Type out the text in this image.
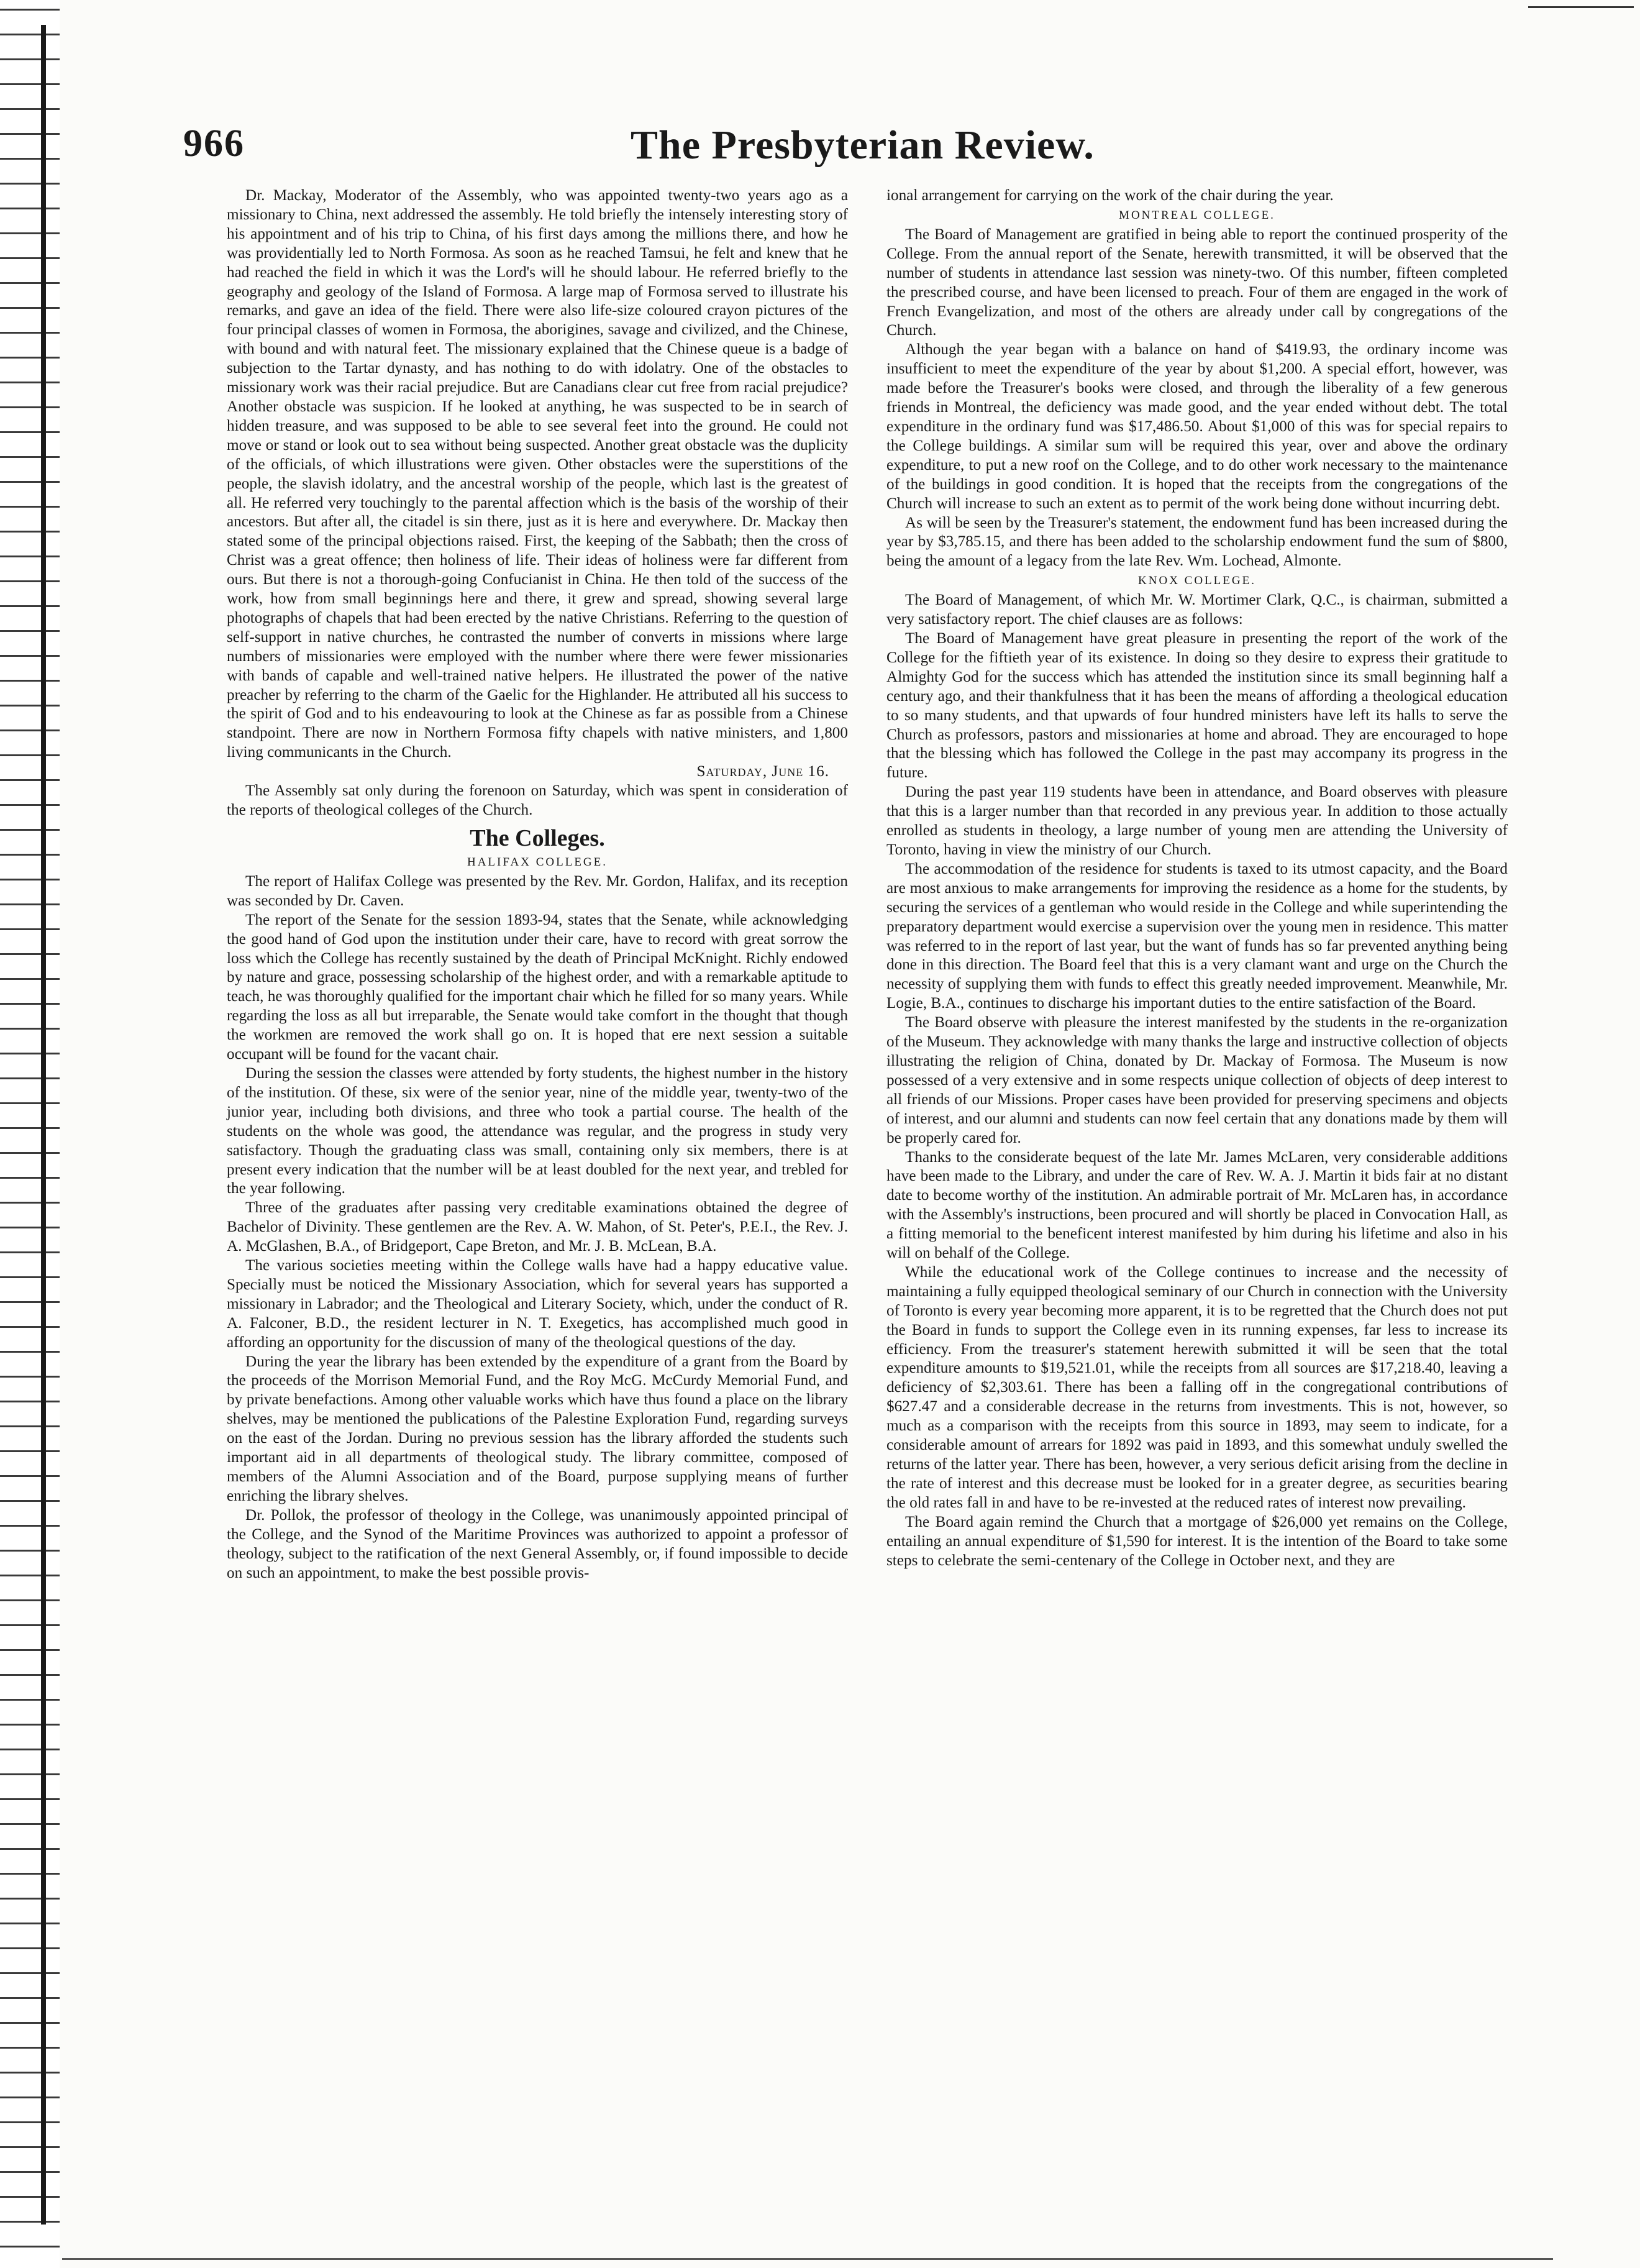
966	The Presbyterian Review.

Dr. Mackay, Moderator of the Assembly, who was appointed twenty-two years ago as a missionary to China, next addressed the assembly. He told briefly the intensely interesting story of his appointment and of his trip to China, of his first days among the millions there, and how he was providentially led to North Formosa. As soon as he reached Tamsui, he felt and knew that he had reached the field in which it was the Lord's will he should labour. He referred briefly to the geography and geology of the Island of Formosa. A large map of Formosa served to illustrate his remarks, and gave an idea of the field. There were also life-size coloured crayon pictures of the four principal classes of women in Formosa, the aborigines, savage and civilized, and the Chinese, with bound and with natural feet. The missionary explained that the Chinese queue is a badge of subjection to the Tartar dynasty, and has nothing to do with idolatry. One of the obstacles to missionary work was their racial prejudice. But are Canadians clear cut free from racial prejudice? Another obstacle was suspicion. If he looked at anything, he was suspected to be in search of hidden treasure, and was supposed to be able to see several feet into the ground. He could not move or stand or look out to sea without being suspected. Another great obstacle was the duplicity of the officials, of which illustrations were given. Other obstacles were the superstitions of the people, the slavish idolatry, and the ancestral worship of the people, which last is the greatest of all. He referred very touchingly to the parental affection which is the basis of the worship of their ancestors. But after all, the citadel is sin there, just as it is here and everywhere. Dr. Mackay then stated some of the principal objections raised. First, the keeping of the Sabbath; then the cross of Christ was a great offence; then holiness of life. Their ideas of holiness were far different from ours. But there is not a thorough-going Confucianist in China. He then told of the success of the work, how from small beginnings here and there, it grew and spread, showing several large photographs of chapels that had been erected by the native Christians. Referring to the question of self-support in native churches, he contrasted the number of converts in missions where large numbers of missionaries were employed with the number where there were fewer missionaries with bands of capable and well-trained native helpers. He illustrated the power of the native preacher by referring to the charm of the Gaelic for the Highlander. He attributed all his success to the spirit of God and to his endeavouring to look at the Chinese as far as possible from a Chinese standpoint. There are now in Northern Formosa fifty chapels with native ministers, and 1,800 living communicants in the Church.

Saturday, June 16.

The Assembly sat only during the forenoon on Saturday, which was spent in consideration of the reports of theological colleges of the Church.

The Colleges.
HALIFAX COLLEGE.

The report of Halifax College was presented by the Rev. Mr. Gordon, Halifax, and its reception was seconded by Dr. Caven.

The report of the Senate for the session 1893-94, states that the Senate, while acknowledging the good hand of God upon the institution under their care, have to record with great sorrow the loss which the College has recently sustained by the death of Principal McKnight. Richly endowed by nature and grace, possessing scholarship of the highest order, and with a remarkable aptitude to teach, he was thoroughly qualified for the important chair which he filled for so many years. While regarding the loss as all but irreparable, the Senate would take comfort in the thought that though the workmen are removed the work shall go on. It is hoped that ere next session a suitable occupant will be found for the vacant chair.

During the session the classes were attended by forty students, the highest number in the history of the institution. Of these, six were of the senior year, nine of the middle year, twenty-two of the junior year, including both divisions, and three who took a partial course. The health of the students on the whole was good, the attendance was regular, and the progress in study very satisfactory. Though the graduating class was small, containing only six members, there is at present every indication that the number will be at least doubled for the next year, and trebled for the year following.

Three of the graduates after passing very creditable examinations obtained the degree of Bachelor of Divinity. These gentlemen are the Rev. A. W. Mahon, of St. Peter's, P.E.I., the Rev. J. A. McGlashen, B.A., of Bridgeport, Cape Breton, and Mr. J. B. McLean, B.A.

The various societies meeting within the College walls have had a happy educative value. Specially must be noticed the Missionary Association, which for several years has supported a missionary in Labrador; and the Theological and Literary Society, which, under the conduct of R. A. Falconer, B.D., the resident lecturer in N. T. Exegetics, has accomplished much good in affording an opportunity for the discussion of many of the theological questions of the day.

During the year the library has been extended by the expenditure of a grant from the Board by the proceeds of the Morrison Memorial Fund, and the Roy McG. McCurdy Memorial Fund, and by private benefactions. Among other valuable works which have thus found a place on the library shelves, may be mentioned the publications of the Palestine Exploration Fund, regarding surveys on the east of the Jordan. During no previous session has the library afforded the students such important aid in all departments of theological study. The library committee, composed of members of the Alumni Association and of the Board, purpose supplying means of further enriching the library shelves.

Dr. Pollok, the professor of theology in the College, was unanimously appointed principal of the College, and the Synod of the Maritime Provinces was authorized to appoint a professor of theology, subject to the ratification of the next General Assembly, or, if found impossible to decide on such an appointment, to make the best possible provis-

ional arrangement for carrying on the work of the chair during the year.

MONTREAL COLLEGE.

The Board of Management are gratified in being able to report the continued prosperity of the College. From the annual report of the Senate, herewith transmitted, it will be observed that the number of students in attendance last session was ninety-two. Of this number, fifteen completed the prescribed course, and have been licensed to preach. Four of them are engaged in the work of French Evangelization, and most of the others are already under call by congregations of the Church.

Although the year began with a balance on hand of $419.93, the ordinary income was insufficient to meet the expenditure of the year by about $1,200. A special effort, however, was made before the Treasurer's books were closed, and through the liberality of a few generous friends in Montreal, the deficiency was made good, and the year ended without debt. The total expenditure in the ordinary fund was $17,486.50. About $1,000 of this was for special repairs to the College buildings. A similar sum will be required this year, over and above the ordinary expenditure, to put a new roof on the College, and to do other work necessary to the maintenance of the buildings in good condition. It is hoped that the receipts from the congregations of the Church will increase to such an extent as to permit of the work being done without incurring debt.

As will be seen by the Treasurer's statement, the endowment fund has been increased during the year by $3,785.15, and there has been added to the scholarship endowment fund the sum of $800, being the amount of a legacy from the late Rev. Wm. Lochead, Almonte.

KNOX COLLEGE.

The Board of Management, of which Mr. W. Mortimer Clark, Q.C., is chairman, submitted a very satisfactory report. The chief clauses are as follows:

The Board of Management have great pleasure in presenting the report of the work of the College for the fiftieth year of its existence. In doing so they desire to express their gratitude to Almighty God for the success which has attended the institution since its small beginning half a century ago, and their thankfulness that it has been the means of affording a theological education to so many students, and that upwards of four hundred ministers have left its halls to serve the Church as professors, pastors and missionaries at home and abroad. They are encouraged to hope that the blessing which has followed the College in the past may accompany its progress in the future.

During the past year 119 students have been in attendance, and Board observes with pleasure that this is a larger number than that recorded in any previous year. In addition to those actually enrolled as students in theology, a large number of young men are attending the University of Toronto, having in view the ministry of our Church.

The accommodation of the residence for students is taxed to its utmost capacity, and the Board are most anxious to make arrangements for improving the residence as a home for the students, by securing the services of a gentleman who would reside in the College and while superintending the preparatory department would exercise a supervision over the young men in residence. This matter was referred to in the report of last year, but the want of funds has so far prevented anything being done in this direction. The Board feel that this is a very clamant want and urge on the Church the necessity of supplying them with funds to effect this greatly needed improvement. Meanwhile, Mr. Logie, B.A., continues to discharge his important duties to the entire satisfaction of the Board.

The Board observe with pleasure the interest manifested by the students in the re-organization of the Museum. They acknowledge with many thanks the large and instructive collection of objects illustrating the religion of China, donated by Dr. Mackay of Formosa. The Museum is now possessed of a very extensive and in some respects unique collection of objects of deep interest to all friends of our Missions. Proper cases have been provided for preserving specimens and objects of interest, and our alumni and students can now feel certain that any donations made by them will be properly cared for.

Thanks to the considerate bequest of the late Mr. James McLaren, very considerable additions have been made to the Library, and under the care of Rev. W. A. J. Martin it bids fair at no distant date to become worthy of the institution. An admirable portrait of Mr. McLaren has, in accordance with the Assembly's instructions, been procured and will shortly be placed in Convocation Hall, as a fitting memorial to the beneficent interest manifested by him during his lifetime and also in his will on behalf of the College.

While the educational work of the College continues to increase and the necessity of maintaining a fully equipped theological seminary of our Church in connection with the University of Toronto is every year becoming more apparent, it is to be regretted that the Church does not put the Board in funds to support the College even in its running expenses, far less to increase its efficiency. From the treasurer's statement herewith submitted it will be seen that the total expenditure amounts to $19,521.01, while the receipts from all sources are $17,218.40, leaving a deficiency of $2,303.61. There has been a falling off in the congregational contributions of $627.47 and a considerable decrease in the returns from investments. This is not, however, so much as a comparison with the receipts from this source in 1893, may seem to indicate, for a considerable amount of arrears for 1892 was paid in 1893, and this somewhat unduly swelled the returns of the latter year. There has been, however, a very serious deficit arising from the decline in the rate of interest and this decrease must be looked for in a greater degree, as securities bearing the old rates fall in and have to be re-invested at the reduced rates of interest now prevailing.

The Board again remind the Church that a mortgage of $26,000 yet remains on the College, entailing an annual expenditure of $1,590 for interest. It is the intention of the Board to take some steps to celebrate the semi-centenary of the College in October next, and they are
